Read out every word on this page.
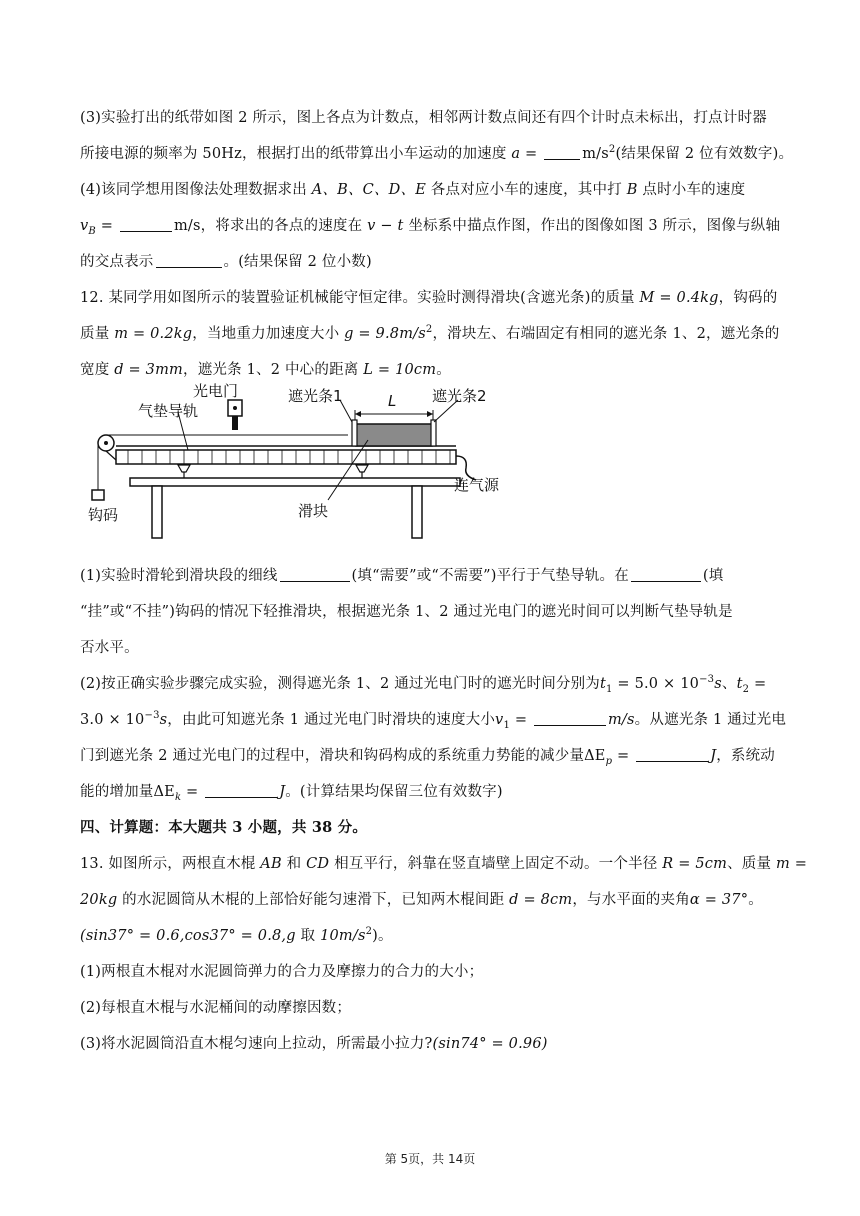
(3)实验打出的纸带如图 2 所示，图上各点为计数点，相邻两计数点间还有四个计时点未标出，打点计时器
所接电源的频率为 50Hz，根据打出的纸带算出小车运动的加速度 a =	$m/s^2$(结果保留 2 位有效数字)。
(4)该同学想用图像法处理数据求出 A、B、C、D、E 各点对应小车的速度，其中打 B 点时小车的速度
$v_B$ =	m/s，将求出的各点的速度在 v − t 坐标系中描点作图，作出的图像如图 3 所示，图像与纵轴
的交点表示	。(结果保留 2 位小数)
12. 某同学用如图所示的装置验证机械能守恒定律。实验时测得滑块(含遮光条)的质量 M = 0.4kg，钩码的
质量 m = 0.2kg，当地重力加速度大小 $g = 9.8m/s^2$，滑块左、右端固定有相同的遮光条 1、2，遮光条的
宽度 d = 3mm，遮光条 1、2 中心的距离 L = 10cm。
光电门
气垫导轨
遮光条1	L 遮光条2
连气源
钩码	滑块
(1)实验时滑轮到滑块段的细线	(填“需要”或“不需要”)平行于气垫导轨。在	(填
“挂”或“不挂”)钩码的情况下轻推滑块，根据遮光条 1、2 通过光电门的遮光时间可以判断气垫导轨是
否水平。
(2)按正确实验步骤完成实验，测得遮光条 1、2 通过光电门时的遮光时间分别为$t_1 = 5.0 \times 10^{-3}s$、$t_2$ =
$3.0 \times 10^{-3}s$，由此可知遮光条 1 通过光电门时滑块的速度大小$v_1$ =	m/s。从遮光条 1 通过光电
门到遮光条 2 通过光电门的过程中，滑块和钩码构成的系统重力势能的减少量$\Delta E_p$ =	J，系统动
能的增加量$\Delta E_k$ =	J。(计算结果均保留三位有效数字)
四、计算题：本大题共 3 小题，共 38 分。
13. 如图所示，两根直木棍 AB 和 CD 相互平行，斜靠在竖直墙壁上固定不动。一个半径 R = 5cm、质量 m =
20kg 的水泥圆筒从木棍的上部恰好能匀速滑下，已知两木棍间距 d = 8cm，与水平面的夹角α = 37°。
(sin37° = 0.6,cos37° = 0.8,g 取 $10m/s^2$)。
(1)两根直木棍对水泥圆筒弹力的合力及摩擦力的合力的大小；
(2)每根直木棍与水泥桶间的动摩擦因数；
(3)将水泥圆筒沿直木棍匀速向上拉动，所需最小拉力?(sin74° = 0.96)
第 5页，共 14页
